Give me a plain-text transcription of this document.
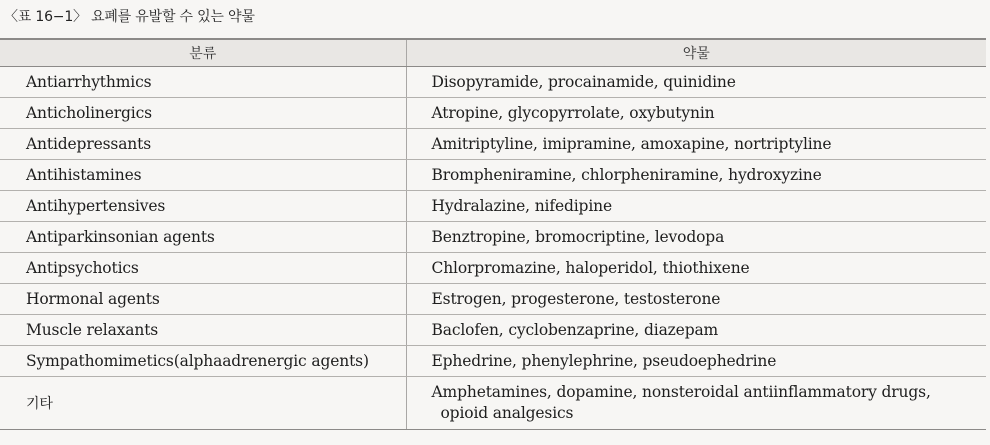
〈표 16−1〉 요폐를 유발할 수 있는 약물
분류	약물
Antiarrhythmics	Disopyramide, procainamide, quinidine
Anticholinergics	Atropine, glycopyrrolate, oxybutynin
Antidepressants	Amitriptyline, imipramine, amoxapine, nortriptyline
Antihistamines	Brompheniramine, chlorpheniramine, hydroxyzine
Antihypertensives	Hydralazine, nifedipine
Antiparkinsonian agents	Benztropine, bromocriptine, levodopa
Antipsychotics	Chlorpromazine, haloperidol, thiothixene
Hormonal agents	Estrogen, progesterone, testosterone
Muscle relaxants	Baclofen, cyclobenzaprine, diazepam
Sympathomimetics(alphaadrenergic agents)	Ephedrine, phenylephrine, pseudoephedrine
기타	Amphetamines, dopamine, nonsteroidal antiinflammatory drugs,
opioid analgesics
